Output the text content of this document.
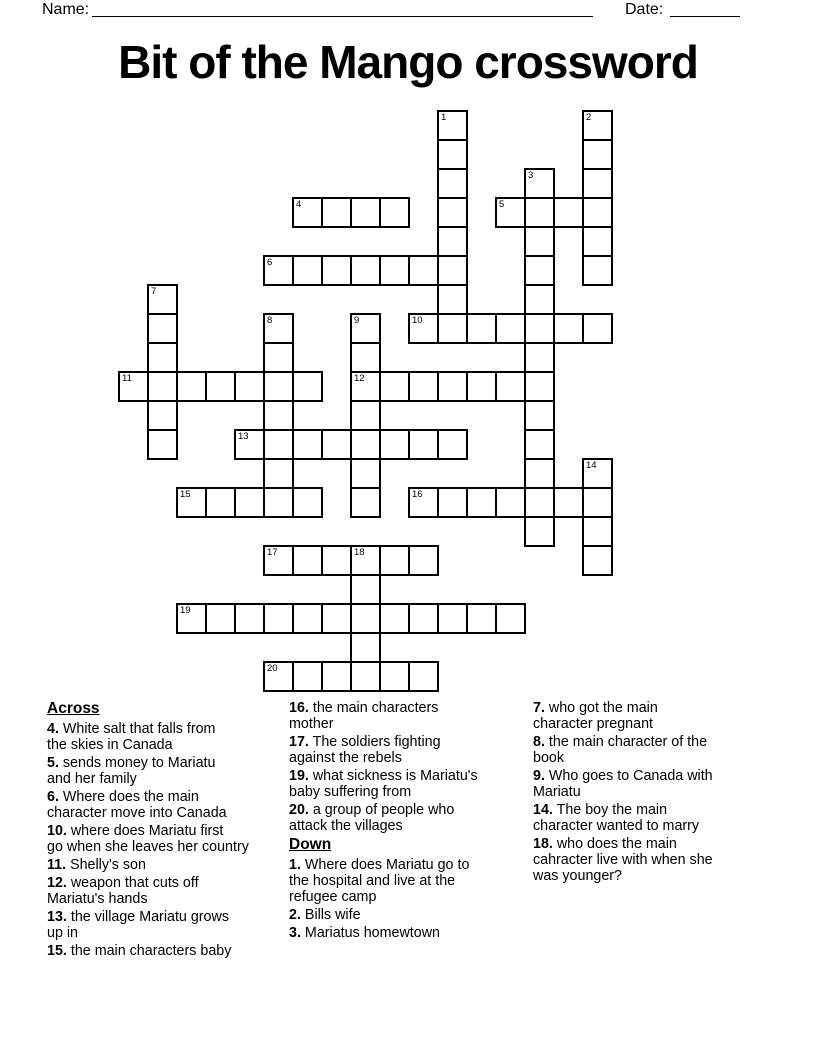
Name:	Date:
Bit of the Mango crossword
1	2
3
4	5
6
7
8	9	10
11	12
13
14
15	16
17	18
19
20
Across
4. White salt that falls from
the skies in Canada
5. sends money to Mariatu
and her family
6. Where does the main
character move into Canada
10. where does Mariatu first
go when she leaves her country
11. Shelly's son
12. weapon that cuts off
Mariatu's hands
13. the village Mariatu grows
up in
15. the main characters baby
16. the main characters
mother
17. The soldiers fighting
against the rebels
19. what sickness is Mariatu's
baby suffering from
20. a group of people who
attack the villages
Down
1. Where does Mariatu go to
the hospital and live at the
refugee camp
2. Bills wife
3. Mariatus homewtown
7. who got the main
character pregnant
8. the main character of the
book
9. Who goes to Canada with
Mariatu
14. The boy the main
character wanted to marry
18. who does the main
cahracter live with when she
was younger?
